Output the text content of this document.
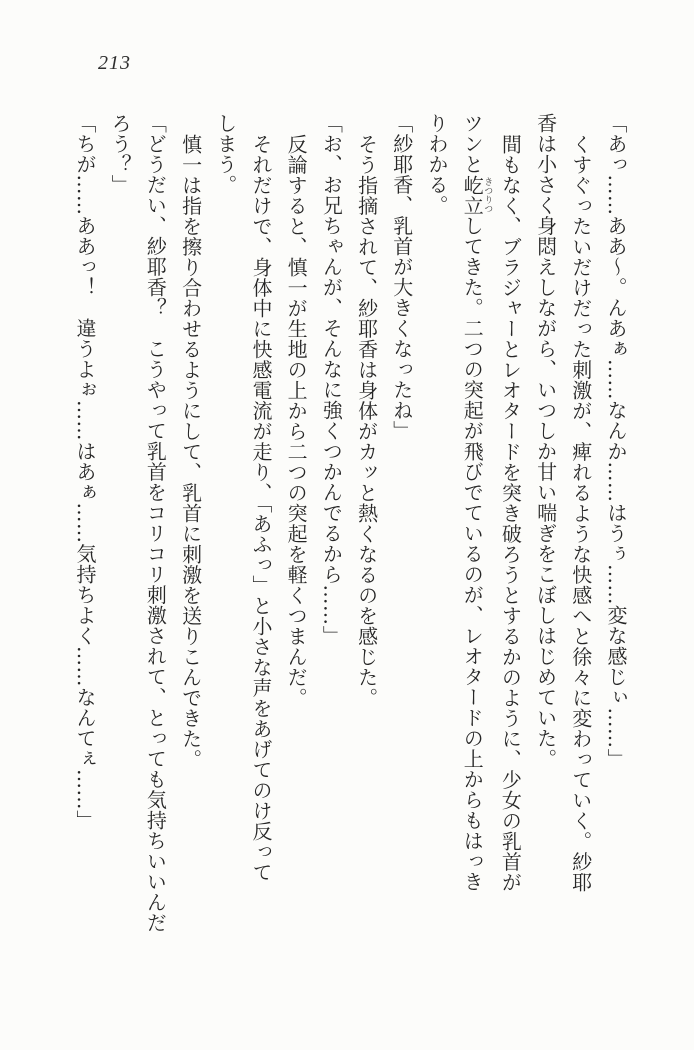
213
「あっ……ああ〜。んあぁ……なんか……はうぅ……変な感じぃ……」
くすぐったいだけだった刺激が、痺れるような快感へと徐々に変わっていく。紗耶
香は小さく身悶えしながら、いつしか甘い喘ぎをこぼしはじめていた。
間もなく、ブラジャーとレオタードを突き破ろうとするかのように、少女の乳首が
ツンと屹立きつりつしてきた。二つの突起が飛びでているのが、レオタードの上からもはっき
りわかる。
「紗耶香、乳首が大きくなったね」
そう指摘されて、紗耶香は身体がカッと熱くなるのを感じた。
「お、お兄ちゃんが、そんなに強くつかんでるから……」
反論すると、慎一が生地の上から二つの突起を軽くつまんだ。
それだけで、身体中に快感電流が走り、「あふっ」と小さな声をあげてのけ反って
しまう。
慎一は指を擦り合わせるようにして、乳首に刺激を送りこんできた。
「どうだい、紗耶香？　こうやって乳首をコリコリ刺激されて、とっても気持ちいいんだ
ろう？」
「ちが……ああっ！　違うよぉ……はあぁ……気持ちよく……なんてぇ……」
